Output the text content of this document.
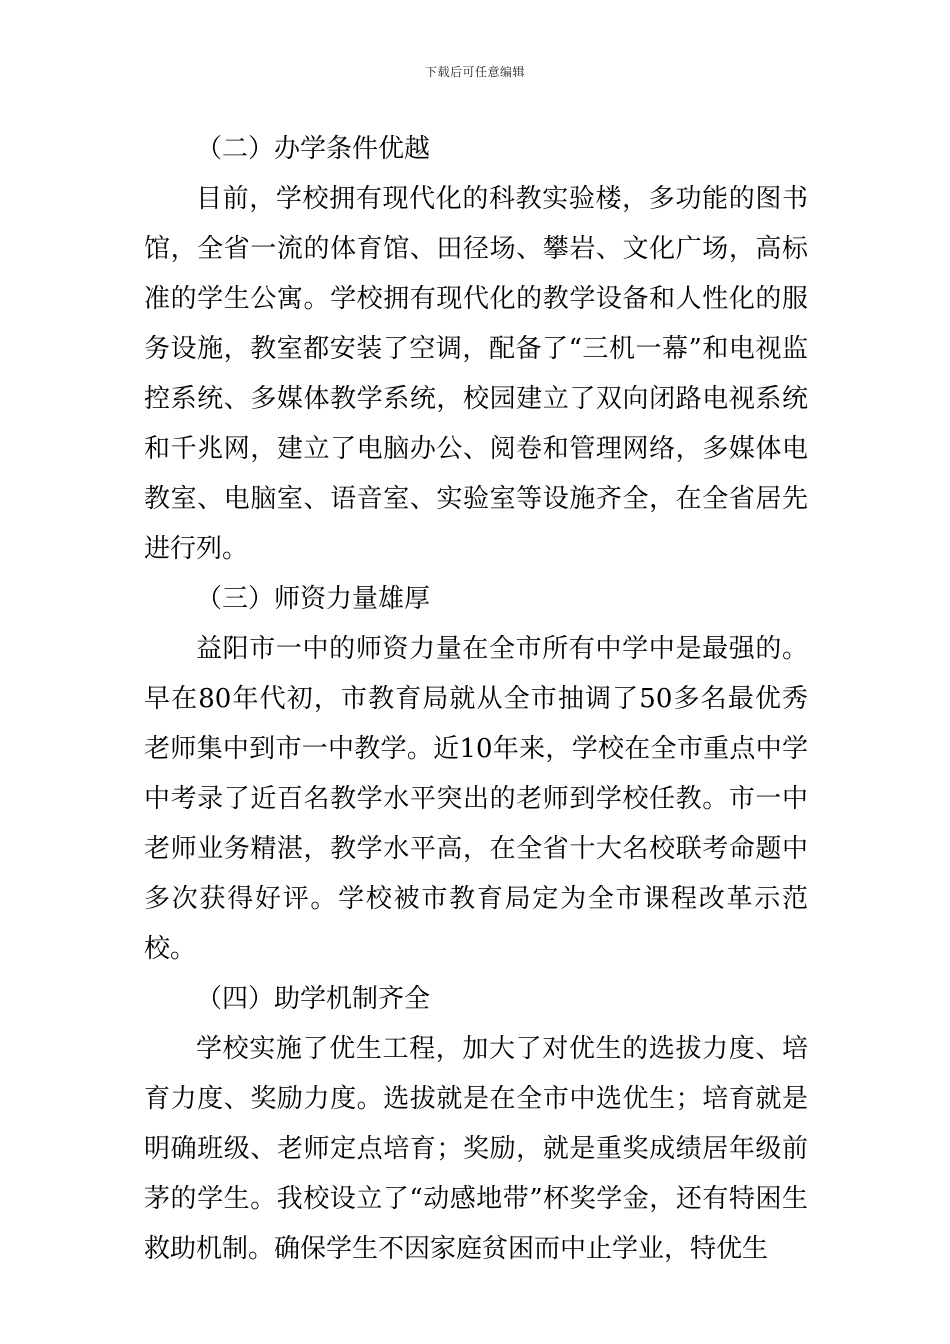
下载后可任意编辑

（二）办学条件优越

目前，学校拥有现代化的科教实验楼，多功能的图书馆，全省一流的体育馆、田径场、攀岩、文化广场，高标准的学生公寓。学校拥有现代化的教学设备和人性化的服务设施，教室都安装了空调，配备了“三机一幕”和电视监控系统、多媒体教学系统，校园建立了双向闭路电视系统和千兆网，建立了电脑办公、阅卷和管理网络，多媒体电教室、电脑室、语音室、实验室等设施齐全，在全省居先进行列。

（三）师资力量雄厚

益阳市一中的师资力量在全市所有中学中是最强的。早在80年代初，市教育局就从全市抽调了50多名最优秀老师集中到市一中教学。近10年来，学校在全市重点中学中考录了近百名教学水平突出的老师到学校任教。市一中老师业务精湛，教学水平高，在全省十大名校联考命题中多次获得好评。学校被市教育局定为全市课程改革示范校。

（四）助学机制齐全

学校实施了优生工程，加大了对优生的选拔力度、培育力度、奖励力度。选拔就是在全市中选优生；培育就是明确班级、老师定点培育；奖励，就是重奖成绩居年级前茅的学生。我校设立了“动感地带”杯奖学金，还有特困生救助机制。确保学生不因家庭贫困而中止学业，特优生
